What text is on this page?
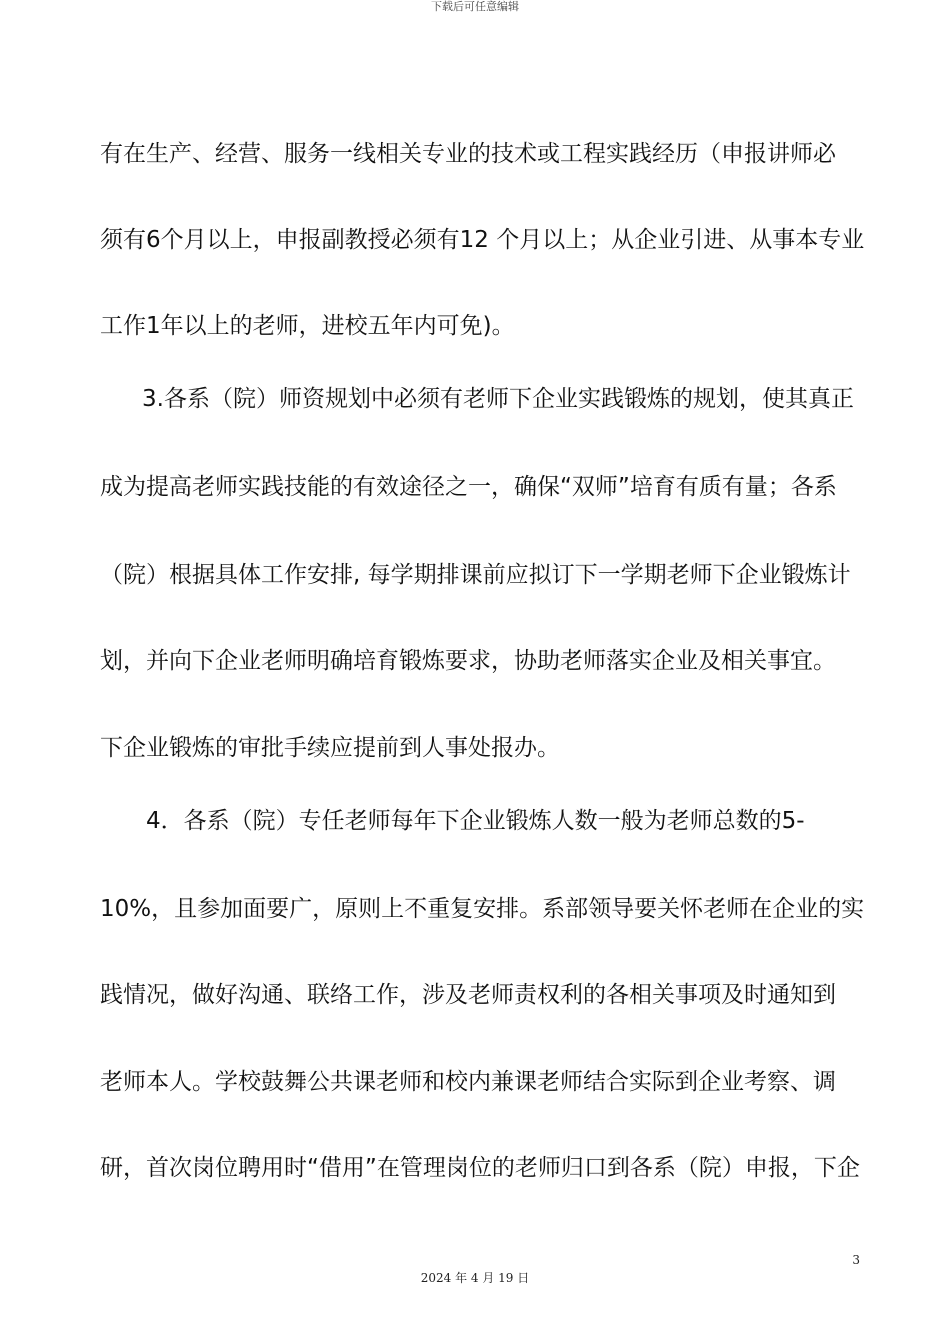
下载后可任意编辑
有在生产、经营、服务一线相关专业的技术或工程实践经历（申报讲师必
须有6个月以上，申报副教授必须有12 个月以上；从企业引进、从事本专业
工作1年以上的老师，进校五年内可免)。
3.各系（院）师资规划中必须有老师下企业实践锻炼的规划，使其真正
成为提高老师实践技能的有效途径之一，确保“双师”培育有质有量；各系
（院）根据具体工作安排, 每学期排课前应拟订下一学期老师下企业锻炼计
划，并向下企业老师明确培育锻炼要求，协助老师落实企业及相关事宜。
下企业锻炼的审批手续应提前到人事处报办。
4．各系（院）专任老师每年下企业锻炼人数一般为老师总数的5-
10%，且参加面要广，原则上不重复安排。系部领导要关怀老师在企业的实
践情况，做好沟通、联络工作，涉及老师责权利的各相关事项及时通知到
老师本人。学校鼓舞公共课老师和校内兼课老师结合实际到企业考察、调
研，首次岗位聘用时“借用”在管理岗位的老师归口到各系（院）申报，下企
3
2024 年 4 月 19 日
